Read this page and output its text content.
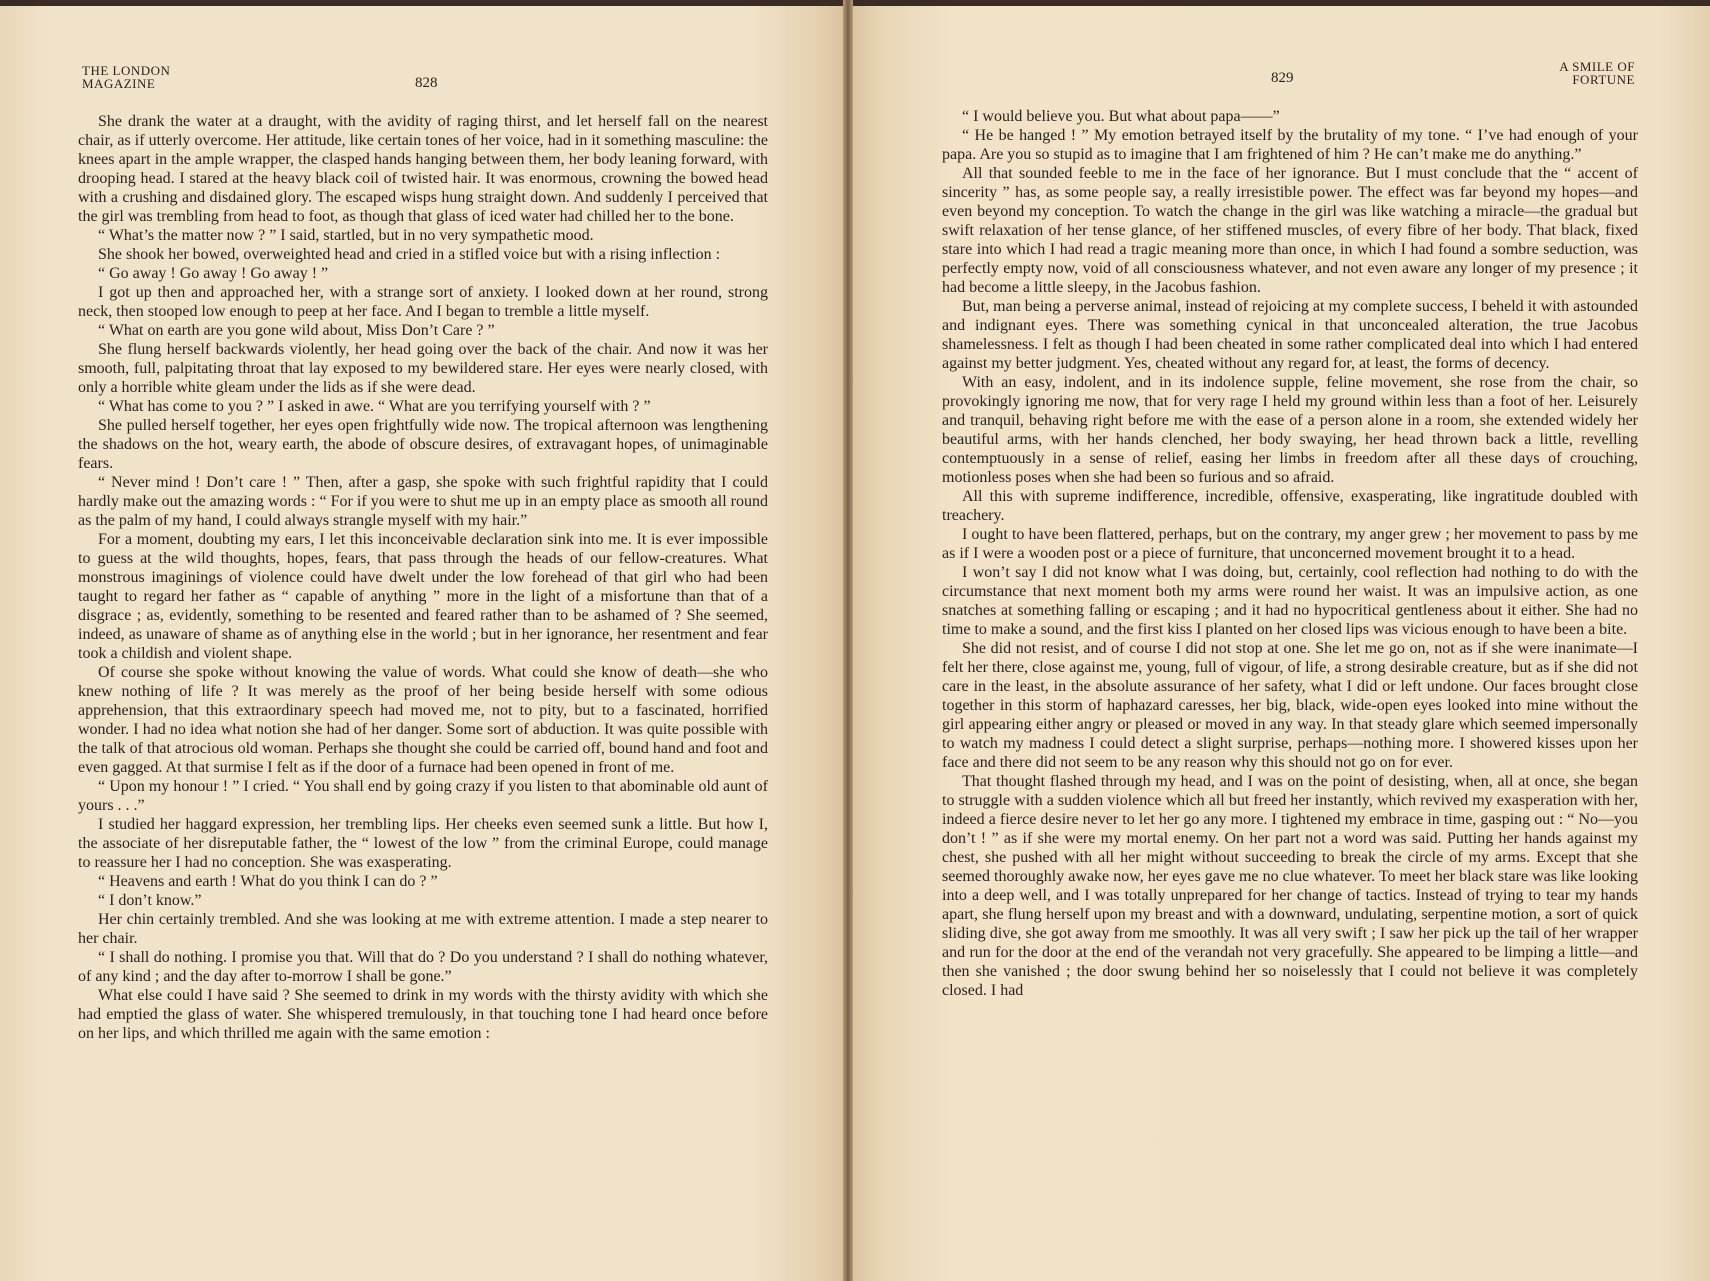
THE LONDON
MAGAZINE	828

She drank the water at a draught, with the avidity of raging thirst, and let herself fall on the nearest chair, as if utterly overcome. Her attitude, like certain tones of her voice, had in it something masculine: the knees apart in the ample wrapper, the clasped hands hanging between them, her body leaning forward, with drooping head. I stared at the heavy black coil of twisted hair. It was enormous, crowning the bowed head with a crushing and disdained glory. The escaped wisps hung straight down. And suddenly I perceived that the girl was trembling from head to foot, as though that glass of iced water had chilled her to the bone.

“ What’s the matter now ? ” I said, startled, but in no very sympathetic mood.

She shook her bowed, overweighted head and cried in a stifled voice but with a rising inflection :

“ Go away ! Go away ! Go away ! ”

I got up then and approached her, with a strange sort of anxiety. I looked down at her round, strong neck, then stooped low enough to peep at her face. And I began to tremble a little myself.

“ What on earth are you gone wild about, Miss Don’t Care ? ”

She flung herself backwards violently, her head going over the back of the chair. And now it was her smooth, full, palpitating throat that lay exposed to my bewildered stare. Her eyes were nearly closed, with only a horrible white gleam under the lids as if she were dead.

“ What has come to you ? ” I asked in awe. “ What are you terrifying yourself with ? ”

She pulled herself together, her eyes open frightfully wide now. The tropical afternoon was lengthening the shadows on the hot, weary earth, the abode of obscure desires, of extravagant hopes, of unimaginable fears.

“ Never mind ! Don’t care ! ” Then, after a gasp, she spoke with such frightful rapidity that I could hardly make out the amazing words : “ For if you were to shut me up in an empty place as smooth all round as the palm of my hand, I could always strangle myself with my hair.”

For a moment, doubting my ears, I let this inconceivable declaration sink into me. It is ever impossible to guess at the wild thoughts, hopes, fears, that pass through the heads of our fellow-creatures. What monstrous imaginings of violence could have dwelt under the low forehead of that girl who had been taught to regard her father as “ capable of anything ” more in the light of a misfortune than that of a disgrace ; as, evidently, something to be resented and feared rather than to be ashamed of ? She seemed, indeed, as unaware of shame as of anything else in the world ; but in her ignorance, her resentment and fear took a childish and violent shape.

Of course she spoke without knowing the value of words. What could she know of death—she who knew nothing of life ? It was merely as the proof of her being beside herself with some odious apprehension, that this extraordinary speech had moved me, not to pity, but to a fascinated, horrified wonder. I had no idea what notion she had of her danger. Some sort of abduction. It was quite possible with the talk of that atrocious old woman. Perhaps she thought she could be carried off, bound hand and foot and even gagged. At that surmise I felt as if the door of a furnace had been opened in front of me.

“ Upon my honour ! ” I cried. “ You shall end by going crazy if you listen to that abominable old aunt of yours . . .”

I studied her haggard expression, her trembling lips. Her cheeks even seemed sunk a little. But how I, the associate of her disreputable father, the “ lowest of the low ” from the criminal Europe, could manage to reassure her I had no conception. She was exasperating.

“ Heavens and earth ! What do you think I can do ? ”

“ I don’t know.”

Her chin certainly trembled. And she was looking at me with extreme attention. I made a step nearer to her chair.

“ I shall do nothing. I promise you that. Will that do ? Do you understand ? I shall do nothing whatever, of any kind ; and the day after to-morrow I shall be gone.”

What else could I have said ? She seemed to drink in my words with the thirsty avidity with which she had emptied the glass of water. She whispered tremulously, in that touching tone I had heard once before on her lips, and which thrilled me again with the same emotion :

829
A SMILE OF
FORTUNE

“ I would believe you. But what about papa——”

“ He be hanged ! ” My emotion betrayed itself by the brutality of my tone. “ I’ve had enough of your papa. Are you so stupid as to imagine that I am frightened of him ? He can’t make me do anything.”

All that sounded feeble to me in the face of her ignorance. But I must conclude that the “ accent of sincerity ” has, as some people say, a really irresistible power. The effect was far beyond my hopes—and even beyond my conception. To watch the change in the girl was like watching a miracle—the gradual but swift relaxation of her tense glance, of her stiffened muscles, of every fibre of her body. That black, fixed stare into which I had read a tragic meaning more than once, in which I had found a sombre seduction, was perfectly empty now, void of all consciousness whatever, and not even aware any longer of my presence ; it had become a little sleepy, in the Jacobus fashion.

But, man being a perverse animal, instead of rejoicing at my complete success, I beheld it with astounded and indignant eyes. There was something cynical in that unconcealed alteration, the true Jacobus shamelessness. I felt as though I had been cheated in some rather complicated deal into which I had entered against my better judgment. Yes, cheated without any regard for, at least, the forms of decency.

With an easy, indolent, and in its indolence supple, feline movement, she rose from the chair, so provokingly ignoring me now, that for very rage I held my ground within less than a foot of her. Leisurely and tranquil, behaving right before me with the ease of a person alone in a room, she extended widely her beautiful arms, with her hands clenched, her body swaying, her head thrown back a little, revelling contemptuously in a sense of relief, easing her limbs in freedom after all these days of crouching, motionless poses when she had been so furious and so afraid.

All this with supreme indifference, incredible, offensive, exasperating, like ingratitude doubled with treachery.

I ought to have been flattered, perhaps, but on the contrary, my anger grew ; her movement to pass by me as if I were a wooden post or a piece of furniture, that unconcerned movement brought it to a head.

I won’t say I did not know what I was doing, but, certainly, cool reflection had nothing to do with the circumstance that next moment both my arms were round her waist. It was an impulsive action, as one snatches at something falling or escaping ; and it had no hypocritical gentleness about it either. She had no time to make a sound, and the first kiss I planted on her closed lips was vicious enough to have been a bite.

She did not resist, and of course I did not stop at one. She let me go on, not as if she were inanimate—I felt her there, close against me, young, full of vigour, of life, a strong desirable creature, but as if she did not care in the least, in the absolute assurance of her safety, what I did or left undone. Our faces brought close together in this storm of haphazard caresses, her big, black, wide-open eyes looked into mine without the girl appearing either angry or pleased or moved in any way. In that steady glare which seemed impersonally to watch my madness I could detect a slight surprise, perhaps—nothing more. I showered kisses upon her face and there did not seem to be any reason why this should not go on for ever.

That thought flashed through my head, and I was on the point of desisting, when, all at once, she began to struggle with a sudden violence which all but freed her instantly, which revived my exasperation with her, indeed a fierce desire never to let her go any more. I tightened my embrace in time, gasping out : “ No—you don’t ! ” as if she were my mortal enemy. On her part not a word was said. Putting her hands against my chest, she pushed with all her might without succeeding to break the circle of my arms. Except that she seemed thoroughly awake now, her eyes gave me no clue whatever. To meet her black stare was like looking into a deep well, and I was totally unprepared for her change of tactics. Instead of trying to tear my hands apart, she flung herself upon my breast and with a downward, undulating, serpentine motion, a sort of quick sliding dive, she got away from me smoothly. It was all very swift ; I saw her pick up the tail of her wrapper and run for the door at the end of the verandah not very gracefully. She appeared to be limping a little—and then she vanished ; the door swung behind her so noiselessly that I could not believe it was completely closed. I had
